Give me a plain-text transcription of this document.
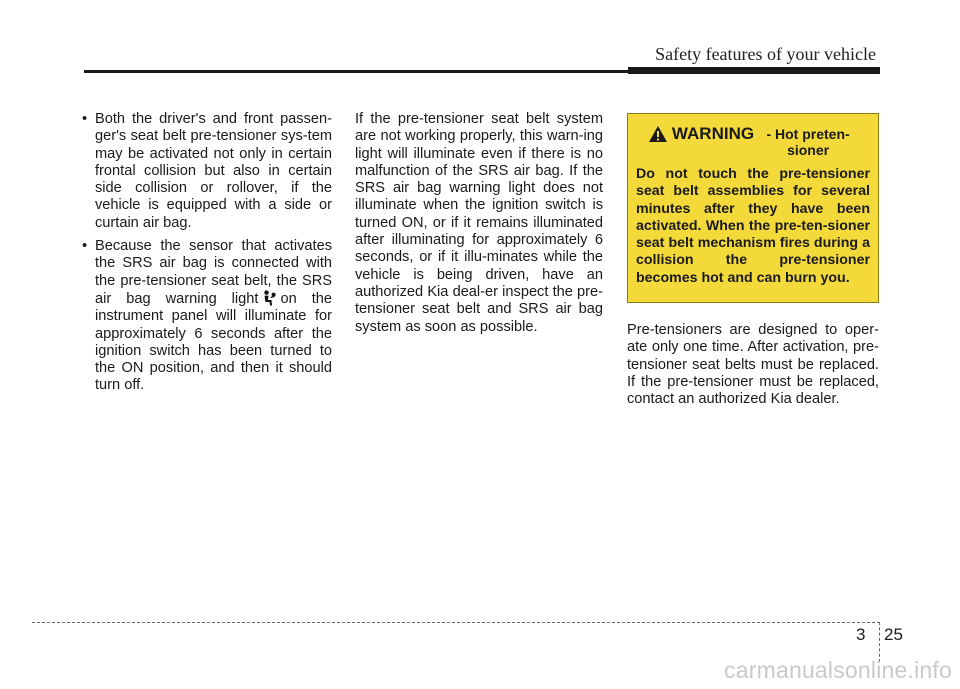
Safety features of your vehicle
• Both the driver's and front passen-ger's seat belt pre-tensioner sys-tem may be activated not only in certain frontal collision but also in certain side collision or rollover, if the vehicle is equipped with a side or curtain air bag.
• Because the sensor that activates the SRS air bag is connected with the pre-tensioner seat belt, the SRS air bag warning light on the instrument panel will illuminate for approximately 6 seconds after the ignition switch has been turned to the ON position, and then it should turn off.
If the pre-tensioner seat belt system are not working properly, this warn-ing light will illuminate even if there is no malfunction of the SRS air bag. If the SRS air bag warning light does not illuminate when the ignition switch is turned ON, or if it remains illuminated after illuminating for approximately 6 seconds, or if it illu-minates while the vehicle is being driven, have an authorized Kia deal-er inspect the pre-tensioner seat belt and SRS air bag system as soon as possible.
WARNING - Hot preten-sioner
Do not touch the pre-tensioner seat belt assemblies for several minutes after they have been activated. When the pre-ten-sioner seat belt mechanism fires during a collision the pre-tensioner becomes hot and can burn you.
Pre-tensioners are designed to oper-ate only one time. After activation, pre-tensioner seat belts must be replaced. If the pre-tensioner must be replaced, contact an authorized Kia dealer.
3 25
carmanualsonline.info
